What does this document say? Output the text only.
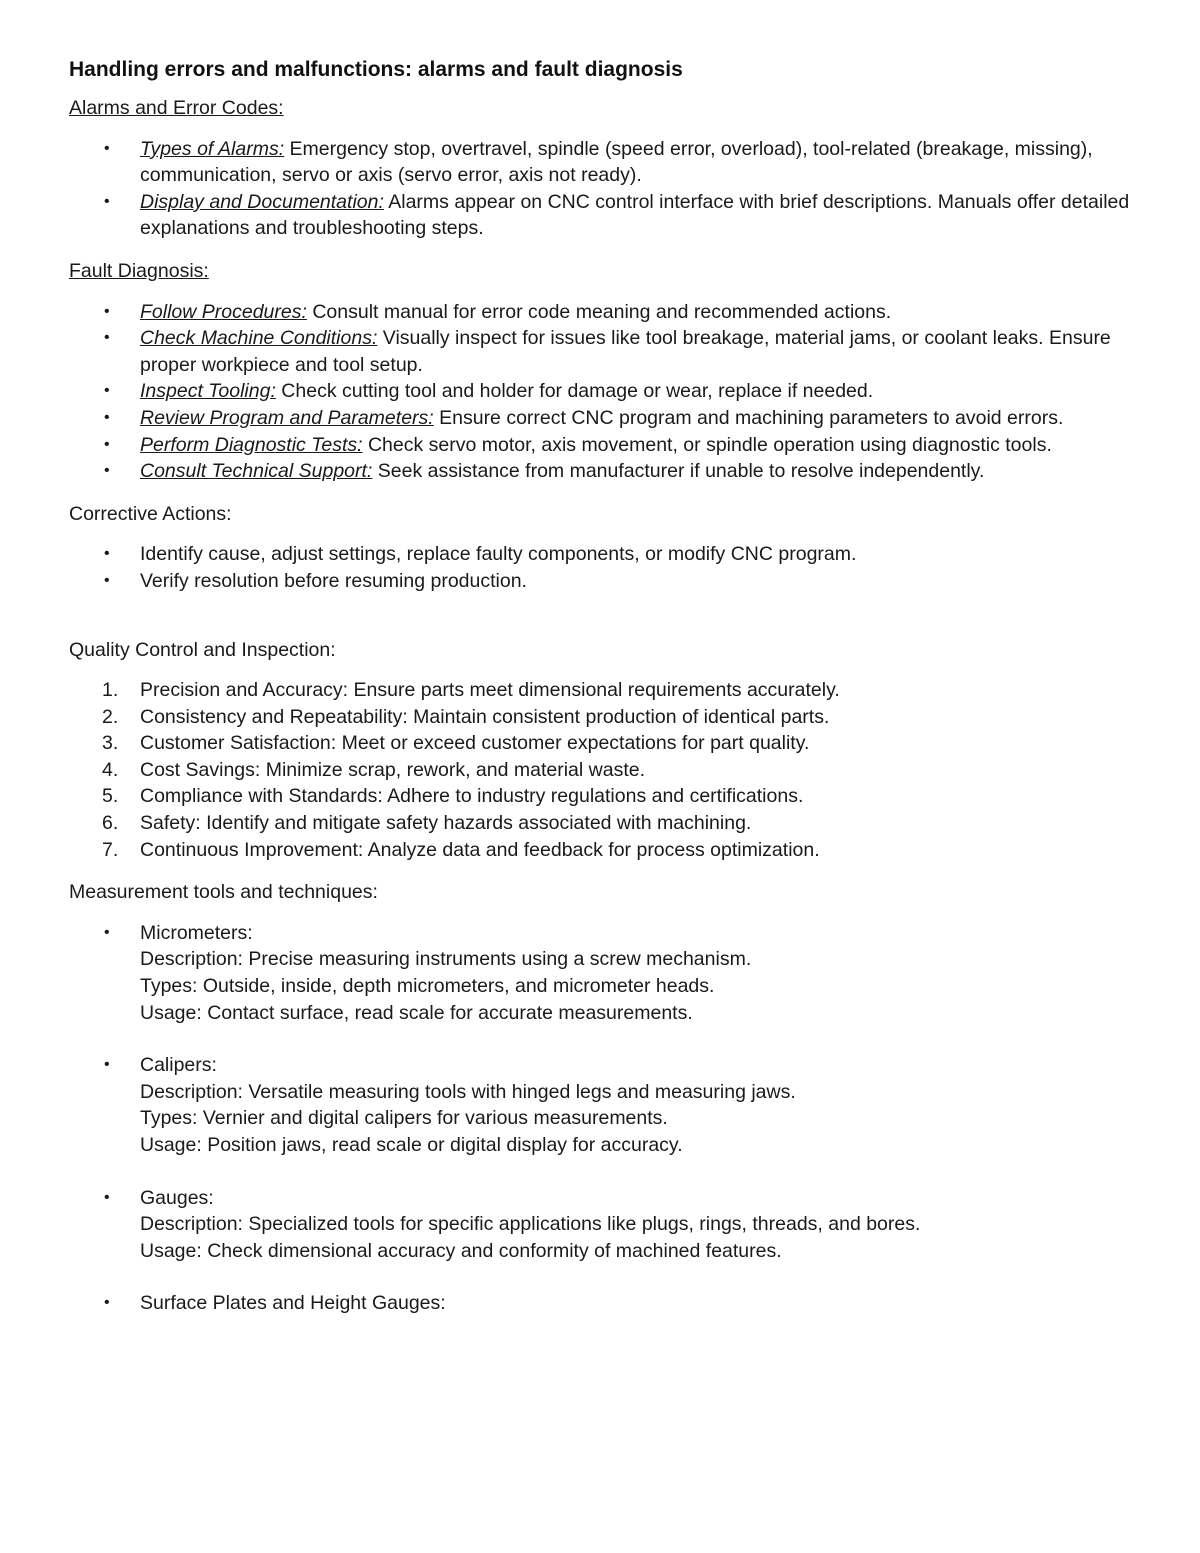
Handling errors and malfunctions: alarms and fault diagnosis

Alarms and Error Codes:

• Types of Alarms: Emergency stop, overtravel, spindle (speed error, overload), tool-related (breakage, missing), communication, servo or axis (servo error, axis not ready).
• Display and Documentation: Alarms appear on CNC control interface with brief descriptions. Manuals offer detailed explanations and troubleshooting steps.

Fault Diagnosis:

• Follow Procedures: Consult manual for error code meaning and recommended actions.
• Check Machine Conditions: Visually inspect for issues like tool breakage, material jams, or coolant leaks. Ensure proper workpiece and tool setup.
• Inspect Tooling: Check cutting tool and holder for damage or wear, replace if needed.
• Review Program and Parameters: Ensure correct CNC program and machining parameters to avoid errors.
• Perform Diagnostic Tests: Check servo motor, axis movement, or spindle operation using diagnostic tools.
• Consult Technical Support: Seek assistance from manufacturer if unable to resolve independently.

Corrective Actions:

• Identify cause, adjust settings, replace faulty components, or modify CNC program.
• Verify resolution before resuming production.

Quality Control and Inspection:

1. Precision and Accuracy: Ensure parts meet dimensional requirements accurately.
2. Consistency and Repeatability: Maintain consistent production of identical parts.
3. Customer Satisfaction: Meet or exceed customer expectations for part quality.
4. Cost Savings: Minimize scrap, rework, and material waste.
5. Compliance with Standards: Adhere to industry regulations and certifications.
6. Safety: Identify and mitigate safety hazards associated with machining.
7. Continuous Improvement: Analyze data and feedback for process optimization.

Measurement tools and techniques:

• Micrometers:
Description: Precise measuring instruments using a screw mechanism.
Types: Outside, inside, depth micrometers, and micrometer heads.
Usage: Contact surface, read scale for accurate measurements.
• Calipers:
Description: Versatile measuring tools with hinged legs and measuring jaws.
Types: Vernier and digital calipers for various measurements.
Usage: Position jaws, read scale or digital display for accuracy.
• Gauges:
Description: Specialized tools for specific applications like plugs, rings, threads, and bores.
Usage: Check dimensional accuracy and conformity of machined features.
• Surface Plates and Height Gauges:
